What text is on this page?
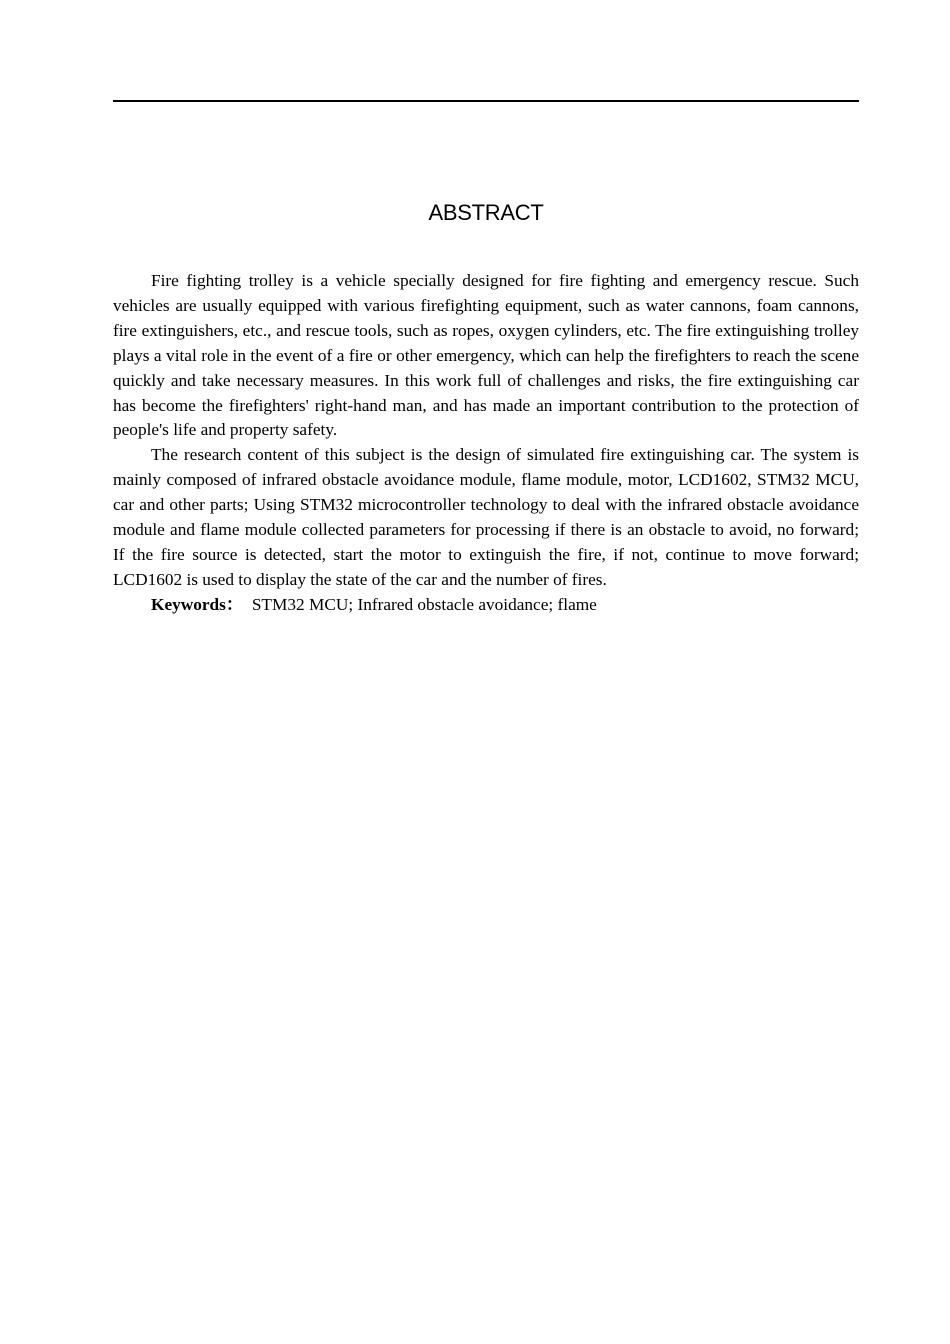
ABSTRACT

Fire fighting trolley is a vehicle specially designed for fire fighting and emergency rescue. Such vehicles are usually equipped with various firefighting equipment, such as water cannons, foam cannons, fire extinguishers, etc., and rescue tools, such as ropes, oxygen cylinders, etc. The fire extinguishing trolley plays a vital role in the event of a fire or other emergency, which can help the firefighters to reach the scene quickly and take necessary measures. In this work full of challenges and risks, the fire extinguishing car has become the firefighters' right-hand man, and has made an important contribution to the protection of people's life and property safety.

The research content of this subject is the design of simulated fire extinguishing car. The system is mainly composed of infrared obstacle avoidance module, flame module, motor, LCD1602, STM32 MCU, car and other parts; Using STM32 microcontroller technology to deal with the infrared obstacle avoidance module and flame module collected parameters for processing if there is an obstacle to avoid, no forward; If the fire source is detected, start the motor to extinguish the fire, if not, continue to move forward; LCD1602 is used to display the state of the car and the number of fires.

Keywords： STM32 MCU; Infrared obstacle avoidance; flame
